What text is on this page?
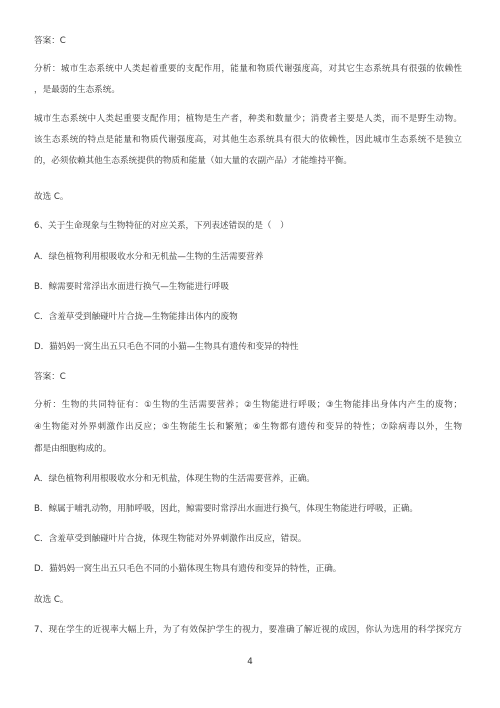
答案：C
分析：城市生态系统中人类起着重要的支配作用，能量和物质代谢强度高，对其它生态系统具有很强的依赖性
，是最弱的生态系统。
城市生态系统中人类起重要支配作用；植物是生产者，种类和数量少；消费者主要是人类，而不是野生动物。
该生态系统的特点是能量和物质代谢强度高，对其他生态系统具有很大的依赖性，因此城市生态系统不是独立
的，必须依赖其他生态系统提供的物质和能量（如大量的农副产品）才能维持平衡。
故选 C。
6、关于生命现象与生物特征的对应关系，下列表述错误的是（　）
A．绿色植物利用根吸收水分和无机盐—生物的生活需要营养
B．鲸需要时常浮出水面进行换气—生物能进行呼吸
C．含羞草受到触碰叶片合拢—生物能排出体内的废物
D．猫妈妈一窝生出五只毛色不同的小猫—生物具有遗传和变异的特性
答案：C
分析：生物的共同特征有：①生物的生活需要营养；②生物能进行呼吸；③生物能排出身体内产生的废物；
④生物能对外界刺激作出反应；⑤生物能生长和繁殖；⑥生物都有遗传和变异的特性；⑦除病毒以外，生物
都是由细胞构成的。
A．绿色植物利用根吸收水分和无机盐，体现生物的生活需要营养，正确。
B．鲸属于哺乳动物，用肺呼吸，因此，鲸需要时常浮出水面进行换气，体现生物能进行呼吸，正确。
C．含羞草受到触碰叶片合拢，体现生物能对外界刺激作出反应，错误。
D．猫妈妈一窝生出五只毛色不同的小猫体现生物具有遗传和变异的特性，正确。
故选 C。
7、现在学生的近视率大幅上升，为了有效保护学生的视力，要准确了解近视的成因，你认为选用的科学探究方
4
